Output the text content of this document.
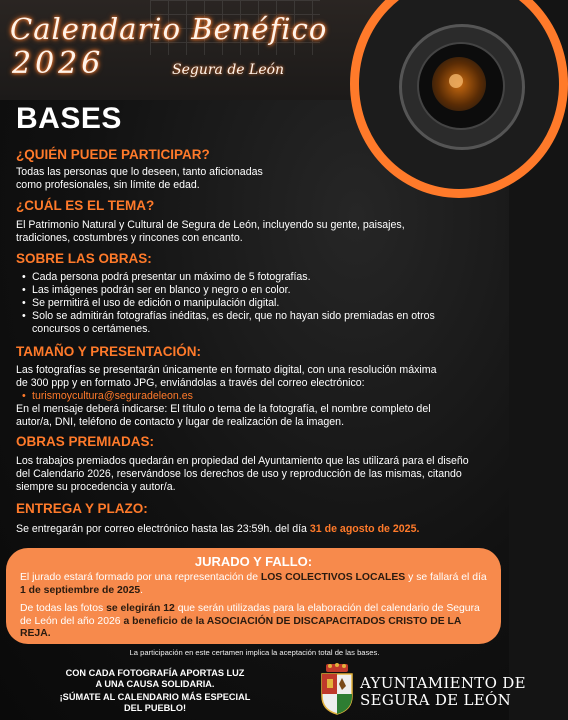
Calendario Benéfico
2026	Segura de León
BASES
¿QUIÉN PUEDE PARTICIPAR?
Todas las personas que lo deseen, tanto aficionadas
como profesionales, sin límite de edad.
¿CUÁL ES EL TEMA?
El Patrimonio Natural y Cultural de Segura de León, incluyendo su gente, paisajes,
tradiciones, costumbres y rincones con encanto.
SOBRE LAS OBRAS:
• Cada persona podrá presentar un máximo de 5 fotografías.
• Las imágenes podrán ser en blanco y negro o en color.
• Se permitirá el uso de edición o manipulación digital.
• Solo se admitirán fotografías inéditas, es decir, que no hayan sido premiadas en otros
concursos o certámenes.
TAMAÑO Y PRESENTACIÓN:
Las fotografías se presentarán únicamente en formato digital, con una resolución máxima
de 300 ppp y en formato JPG, enviándolas a través del correo electrónico:
• turismoycultura@seguradeleon.es
En el mensaje deberá indicarse: El título o tema de la fotografía, el nombre completo del
autor/a, DNI, teléfono de contacto y lugar de realización de la imagen.
OBRAS PREMIADAS:
Los trabajos premiados quedarán en propiedad del Ayuntamiento que las utilizará para el diseño
del Calendario 2026, reservándose los derechos de uso y reproducción de las mismas, citando
siempre su procedencia y autor/a.
ENTREGA Y PLAZO:
Se entregarán por correo electrónico hasta las 23:59h. del día 31 de agosto de 2025.
JURADO Y FALLO:
El jurado estará formado por una representación de LOS COLECTIVOS LOCALES y se fallará el día 1 de septiembre de 2025.
De todas las fotos se elegirán 12 que serán utilizadas para la elaboración del calendario de Segura de León del año 2026 a beneficio de la ASOCIACIÓN DE DISCAPACITADOS CRISTO DE LA REJA.
La participación en este certamen implica la aceptación total de las bases.
CON CADA FOTOGRAFÍA APORTAS LUZ
A UNA CAUSA SOLIDARIA.
¡SÚMATE AL CALENDARIO MÁS ESPECIAL
DEL PUEBLO!
AYUNTAMIENTO DE
SEGURA DE LEÓN
